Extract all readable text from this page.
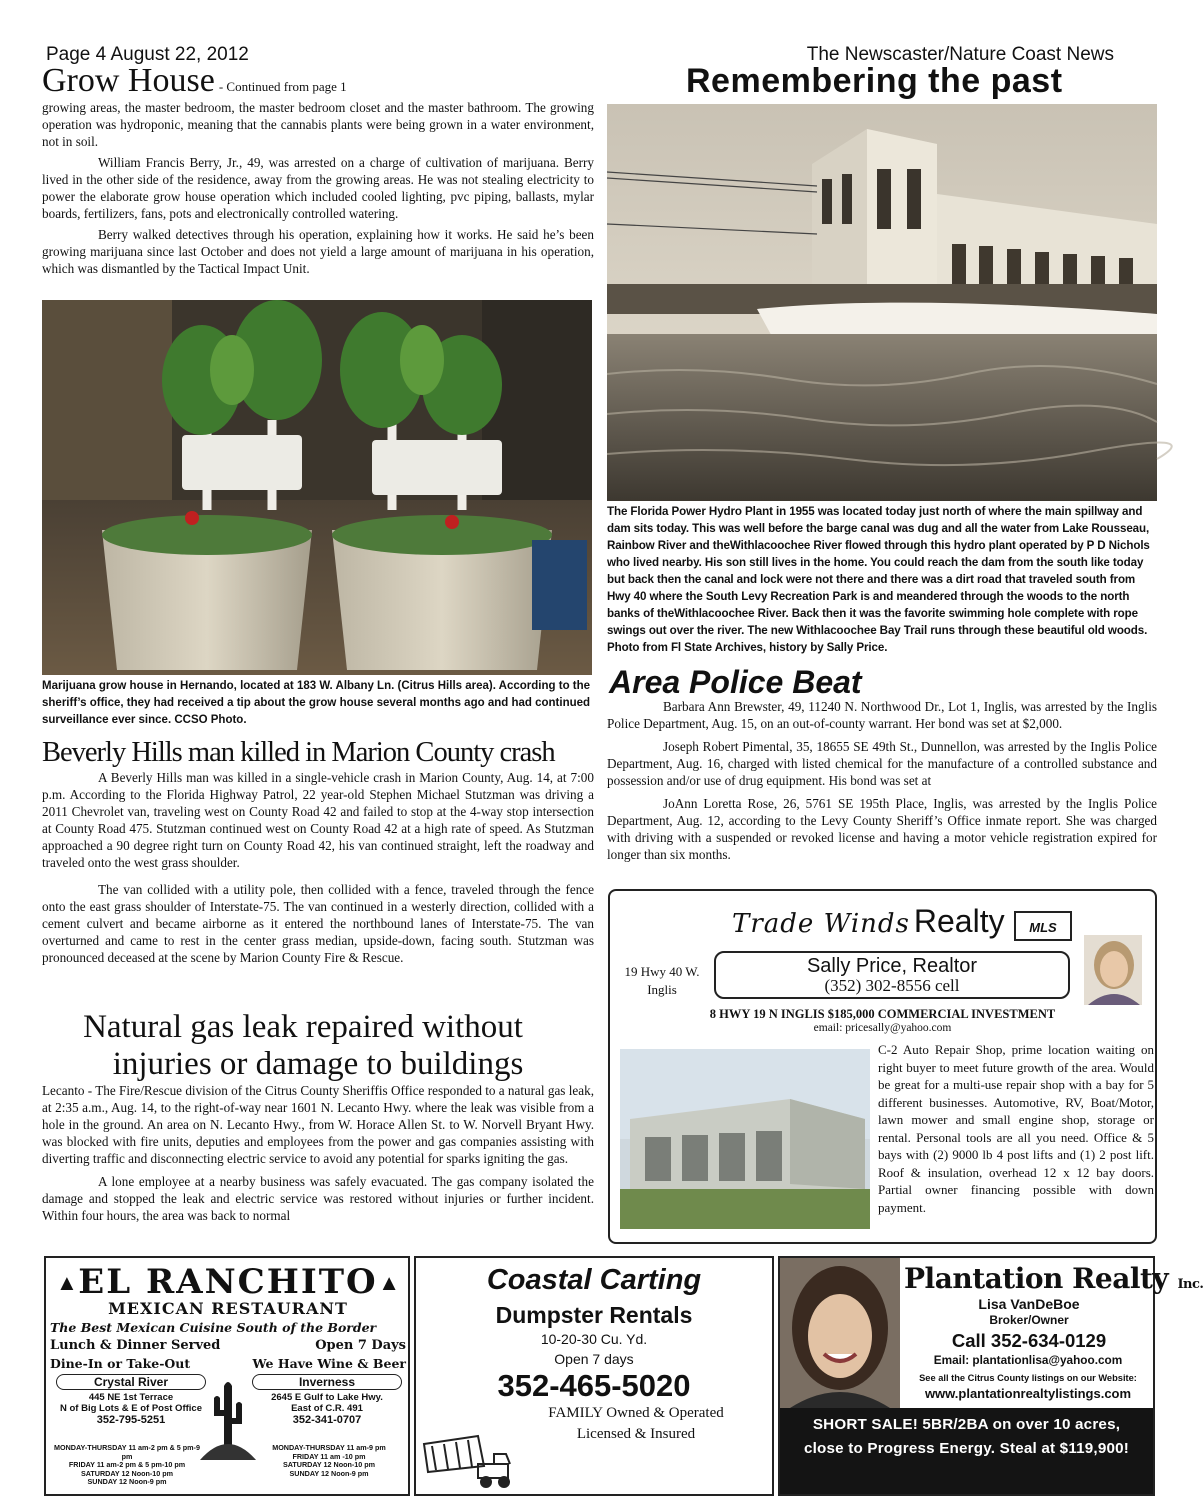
Page 4 August 22, 2012	The Newscaster/Nature Coast News
Grow House - Continued from page 1

growing areas, the master bedroom, the master bedroom closet and the master bathroom. The growing operation was hydroponic, meaning that the cannabis plants were being grown in a water environment, not in soil.

William Francis Berry, Jr., 49, was arrested on a charge of cultivation of marijuana. Berry lived in the other side of the residence, away from the growing areas. He was not stealing electricity to power the elaborate grow house operation which included cooled lighting, pvc piping, ballasts, mylar boards, fertilizers, fans, pots and electronically controlled watering.

Berry walked detectives through his operation, explaining how it works. He said he’s been growing marijuana since last October and does not yield a large amount of marijuana in his operation, which was dismantled by the Tactical Impact Unit.

Marijuana grow house in Hernando, located at 183 W. Albany Ln. (Citrus Hills area). According to the sheriff’s office, they had received a tip about the grow house several months ago and had continued surveillance ever since. CCSO Photo.
Beverly Hills man killed in Marion County crash

A Beverly Hills man was killed in a single-vehicle crash in Marion County, Aug. 14, at 7:00 p.m. According to the Florida Highway Patrol, 22 year-old Stephen Michael Stutzman was driving a 2011 Chevrolet van, traveling west on County Road 42 and failed to stop at the 4-way stop intersection at County Road 475. Stutzman continued west on County Road 42 at a high rate of speed. As Stutzman approached a 90 degree right turn on County Road 42, his van continued straight, left the roadway and traveled onto the west grass shoulder.

The van collided with a utility pole, then collided with a fence, traveled through the fence onto the east grass shoulder of Interstate-75. The van continued in a westerly direction, collided with a cement culvert and became airborne as it entered the northbound lanes of Interstate-75. The van overturned and came to rest in the center grass median, upside-down, facing south. Stutzman was pronounced deceased at the scene by Marion County Fire & Rescue.

Natural gas leak repaired without
injuries or damage to buildings

Lecanto - The Fire/Rescue division of the Citrus County Sheriffis Office responded to a natural gas leak, at 2:35 a.m., Aug. 14, to the right-of-way near 1601 N. Lecanto Hwy. where the leak was visible from a hole in the ground. An area on N. Lecanto Hwy., from W. Horace Allen St. to W. Norvell Bryant Hwy. was blocked with fire units, deputies and employees from the power and gas companies assisting with diverting traffic and disconnecting electric service to avoid any potential for sparks igniting the gas.

A lone employee at a nearby business was safely evacuated. The gas company isolated the damage and stopped the leak and electric service was restored without injuries or further incident. Within four hours, the area was back to normal

Remembering the past
The Florida Power Hydro Plant in 1955 was located today just north of where the main spillway and dam sits today. This was well before the barge canal was dug and all the water from Lake Rousseau, Rainbow River and theWithlacoochee River flowed through this hydro plant operated by P D Nichols who lived nearby. His son still lives in the home. You could reach the dam from the south like today but back then the canal and lock were not there and there was a dirt road that traveled south from Hwy 40 where the South Levy Recreation Park is and meandered through the woods to the north banks of theWithlacoochee River. Back then it was the favorite swimming hole complete with rope swings out over the river. The new Withlacoochee Bay Trail runs through these beautiful old woods. Photo from Fl State Archives, history by Sally Price.
Area Police Beat

Barbara Ann Brewster, 49, 11240 N. Northwood Dr., Lot 1, Inglis, was arrested by the Inglis Police Department, Aug. 15, on an out-of-county warrant. Her bond was set at $2,000.

Joseph Robert Pimental, 35, 18655 SE 49th St., Dunnellon, was arrested by the Inglis Police Department, Aug. 16, charged with listed chemical for the manufacture of a controlled substance and possession and/or use of drug equipment. His bond was set at

JoAnn Loretta Rose, 26, 5761 SE 195th Place, Inglis, was arrested by the Inglis Police Department, Aug. 12, according to the Levy County Sheriff’s Office inmate report. She was charged with driving with a suspended or revoked license and having a motor vehicle registration expired for longer than six months.

Trade Winds Realty	MLS
19 Hwy 40 W.
Inglis
Sally Price, Realtor
(352) 302-8556 cell
8 HWY 19 N INGLIS $185,000 COMMERCIAL INVESTMENT
email: pricesally@yahoo.com
C-2 Auto Repair Shop, prime location waiting on right buyer to meet future growth of the area. Would be great for a multi-use repair shop with a bay for 5 different businesses. Automotive, RV, Boat/Motor, lawn mower and small engine shop, storage or rental. Personal tools are all you need. Office & 5 bays with (2) 9000 lb 4 post lifts and (1) 2 post lift. Roof & insulation, overhead 12 x 12 bay doors. Partial owner financing possible with down payment.
▲	▲
EL RANCHITO
MEXICAN RESTAURANT
The Best Mexican Cuisine South of the Border
Lunch & Dinner Served	Open 7 Days
Dine-In or Take-Out	We Have Wine & Beer
Crystal River
445 NE 1st Terrace
N of Big Lots & E of Post Office
352-795-5251
Inverness
2645 E Gulf to Lake Hwy.
East of C.R. 491
352-341-0707
MONDAY-THURSDAY 11 am-2 pm & 5 pm-9 pm
FRIDAY 11 am-2 pm & 5 pm-10 pm
SATURDAY 12 Noon-10 pm
SUNDAY 12 Noon-9 pm
MONDAY-THURSDAY 11 am-9 pm
FRIDAY 11 am -10 pm
SATURDAY 12 Noon-10 pm
SUNDAY 12 Noon-9 pm
Coastal Carting
Dumpster Rentals
10-20-30 Cu. Yd.
Open 7 days
352-465-5020
FAMILY Owned & Operated
Licensed & Insured
Plantation Realty Inc.
Lisa VanDeBoe
Broker/Owner
Call 352-634-0129
Email: plantationlisa@yahoo.com
See all the Citrus County listings on our Website:
www.plantationrealtylistings.com
SHORT SALE! 5BR/2BA on over 10 acres,
close to Progress Energy. Steal at $119,900!
